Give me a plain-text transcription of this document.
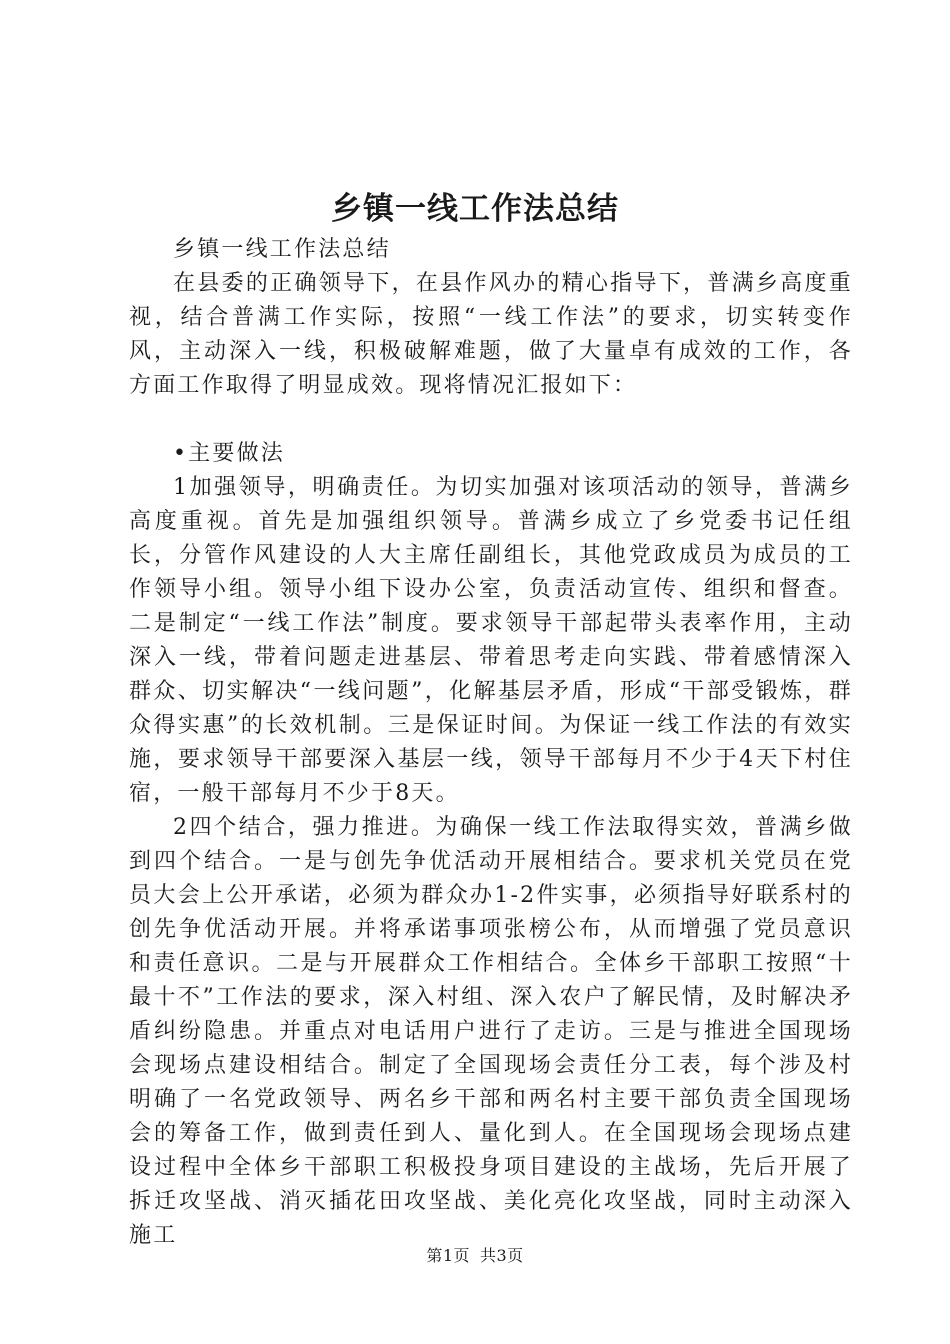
乡镇一线工作法总结

乡镇一线工作法总结

在县委的正确领导下，在县作风办的精心指导下，普满乡高度重视，结合普满工作实际，按照“一线工作法”的要求，切实转变作风，主动深入一线，积极破解难题，做了大量卓有成效的工作，各方面工作取得了明显成效。现将情况汇报如下：

•主要做法

1加强领导，明确责任。为切实加强对该项活动的领导，普满乡高度重视。首先是加强组织领导。普满乡成立了乡党委书记任组长，分管作风建设的人大主席任副组长，其他党政成员为成员的工作领导小组。领导小组下设办公室，负责活动宣传、组织和督查。二是制定“一线工作法”制度。要求领导干部起带头表率作用，主动深入一线，带着问题走进基层、带着思考走向实践、带着感情深入群众、切实解决“一线问题”，化解基层矛盾，形成“干部受锻炼，群众得实惠”的长效机制。三是保证时间。为保证一线工作法的有效实施，要求领导干部要深入基层一线，领导干部每月不少于4天下村住宿，一般干部每月不少于8天。

2四个结合，强力推进。为确保一线工作法取得实效，普满乡做到四个结合。一是与创先争优活动开展相结合。要求机关党员在党员大会上公开承诺，必须为群众办1-2件实事，必须指导好联系村的创先争优活动开展。并将承诺事项张榜公布，从而增强了党员意识和责任意识。二是与开展群众工作相结合。全体乡干部职工按照“十最十不”工作法的要求，深入村组、深入农户了解民情，及时解决矛盾纠纷隐患。并重点对电话用户进行了走访。三是与推进全国现场会现场点建设相结合。制定了全国现场会责任分工表，每个涉及村明确了一名党政领导、两名乡干部和两名村主要干部负责全国现场会的筹备工作，做到责任到人、量化到人。在全国现场会现场点建设过程中全体乡干部职工积极投身项目建设的主战场，先后开展了拆迁攻坚战、消灭插花田攻坚战、美化亮化攻坚战，同时主动深入施工

第1页 共3页
